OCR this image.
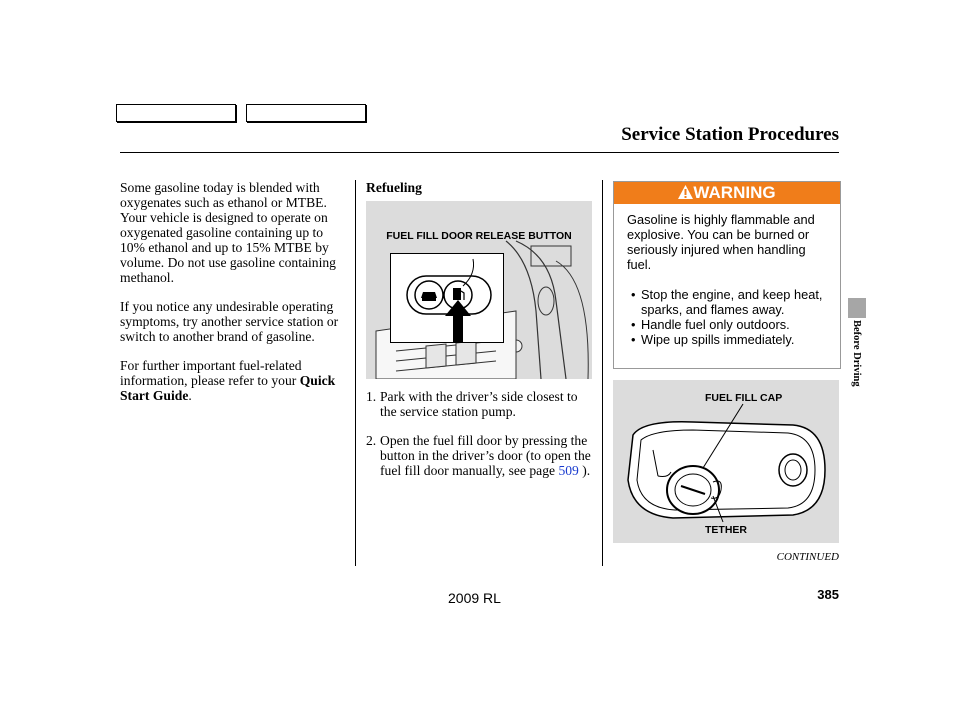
Service Station Procedures

Some gasoline today is blended with oxygenates such as ethanol or MTBE. Your vehicle is designed to operate on oxygenated gasoline containing up to 10% ethanol and up to 15% MTBE by volume. Do not use gasoline containing methanol.

If you notice any undesirable operating symptoms, try another service station or switch to another brand of gasoline.

For further important fuel-related information, please refer to your Quick Start Guide.

Refueling
FUEL FILL DOOR RELEASE BUTTON
1. Park with the driver’s side closest to the service station pump.
2. Open the fuel fill door by pressing the button in the driver’s door (to open the fuel fill door manually, see page 509 ).
WARNING

Gasoline is highly flammable and explosive. You can be burned or seriously injured when handling fuel.

• Stop the engine, and keep heat, sparks, and flames away.
• Handle fuel only outdoors.
• Wipe up spills immediately.
FUEL FILL CAP
TETHER
Before Driving
CONTINUED
2009 RL	385
